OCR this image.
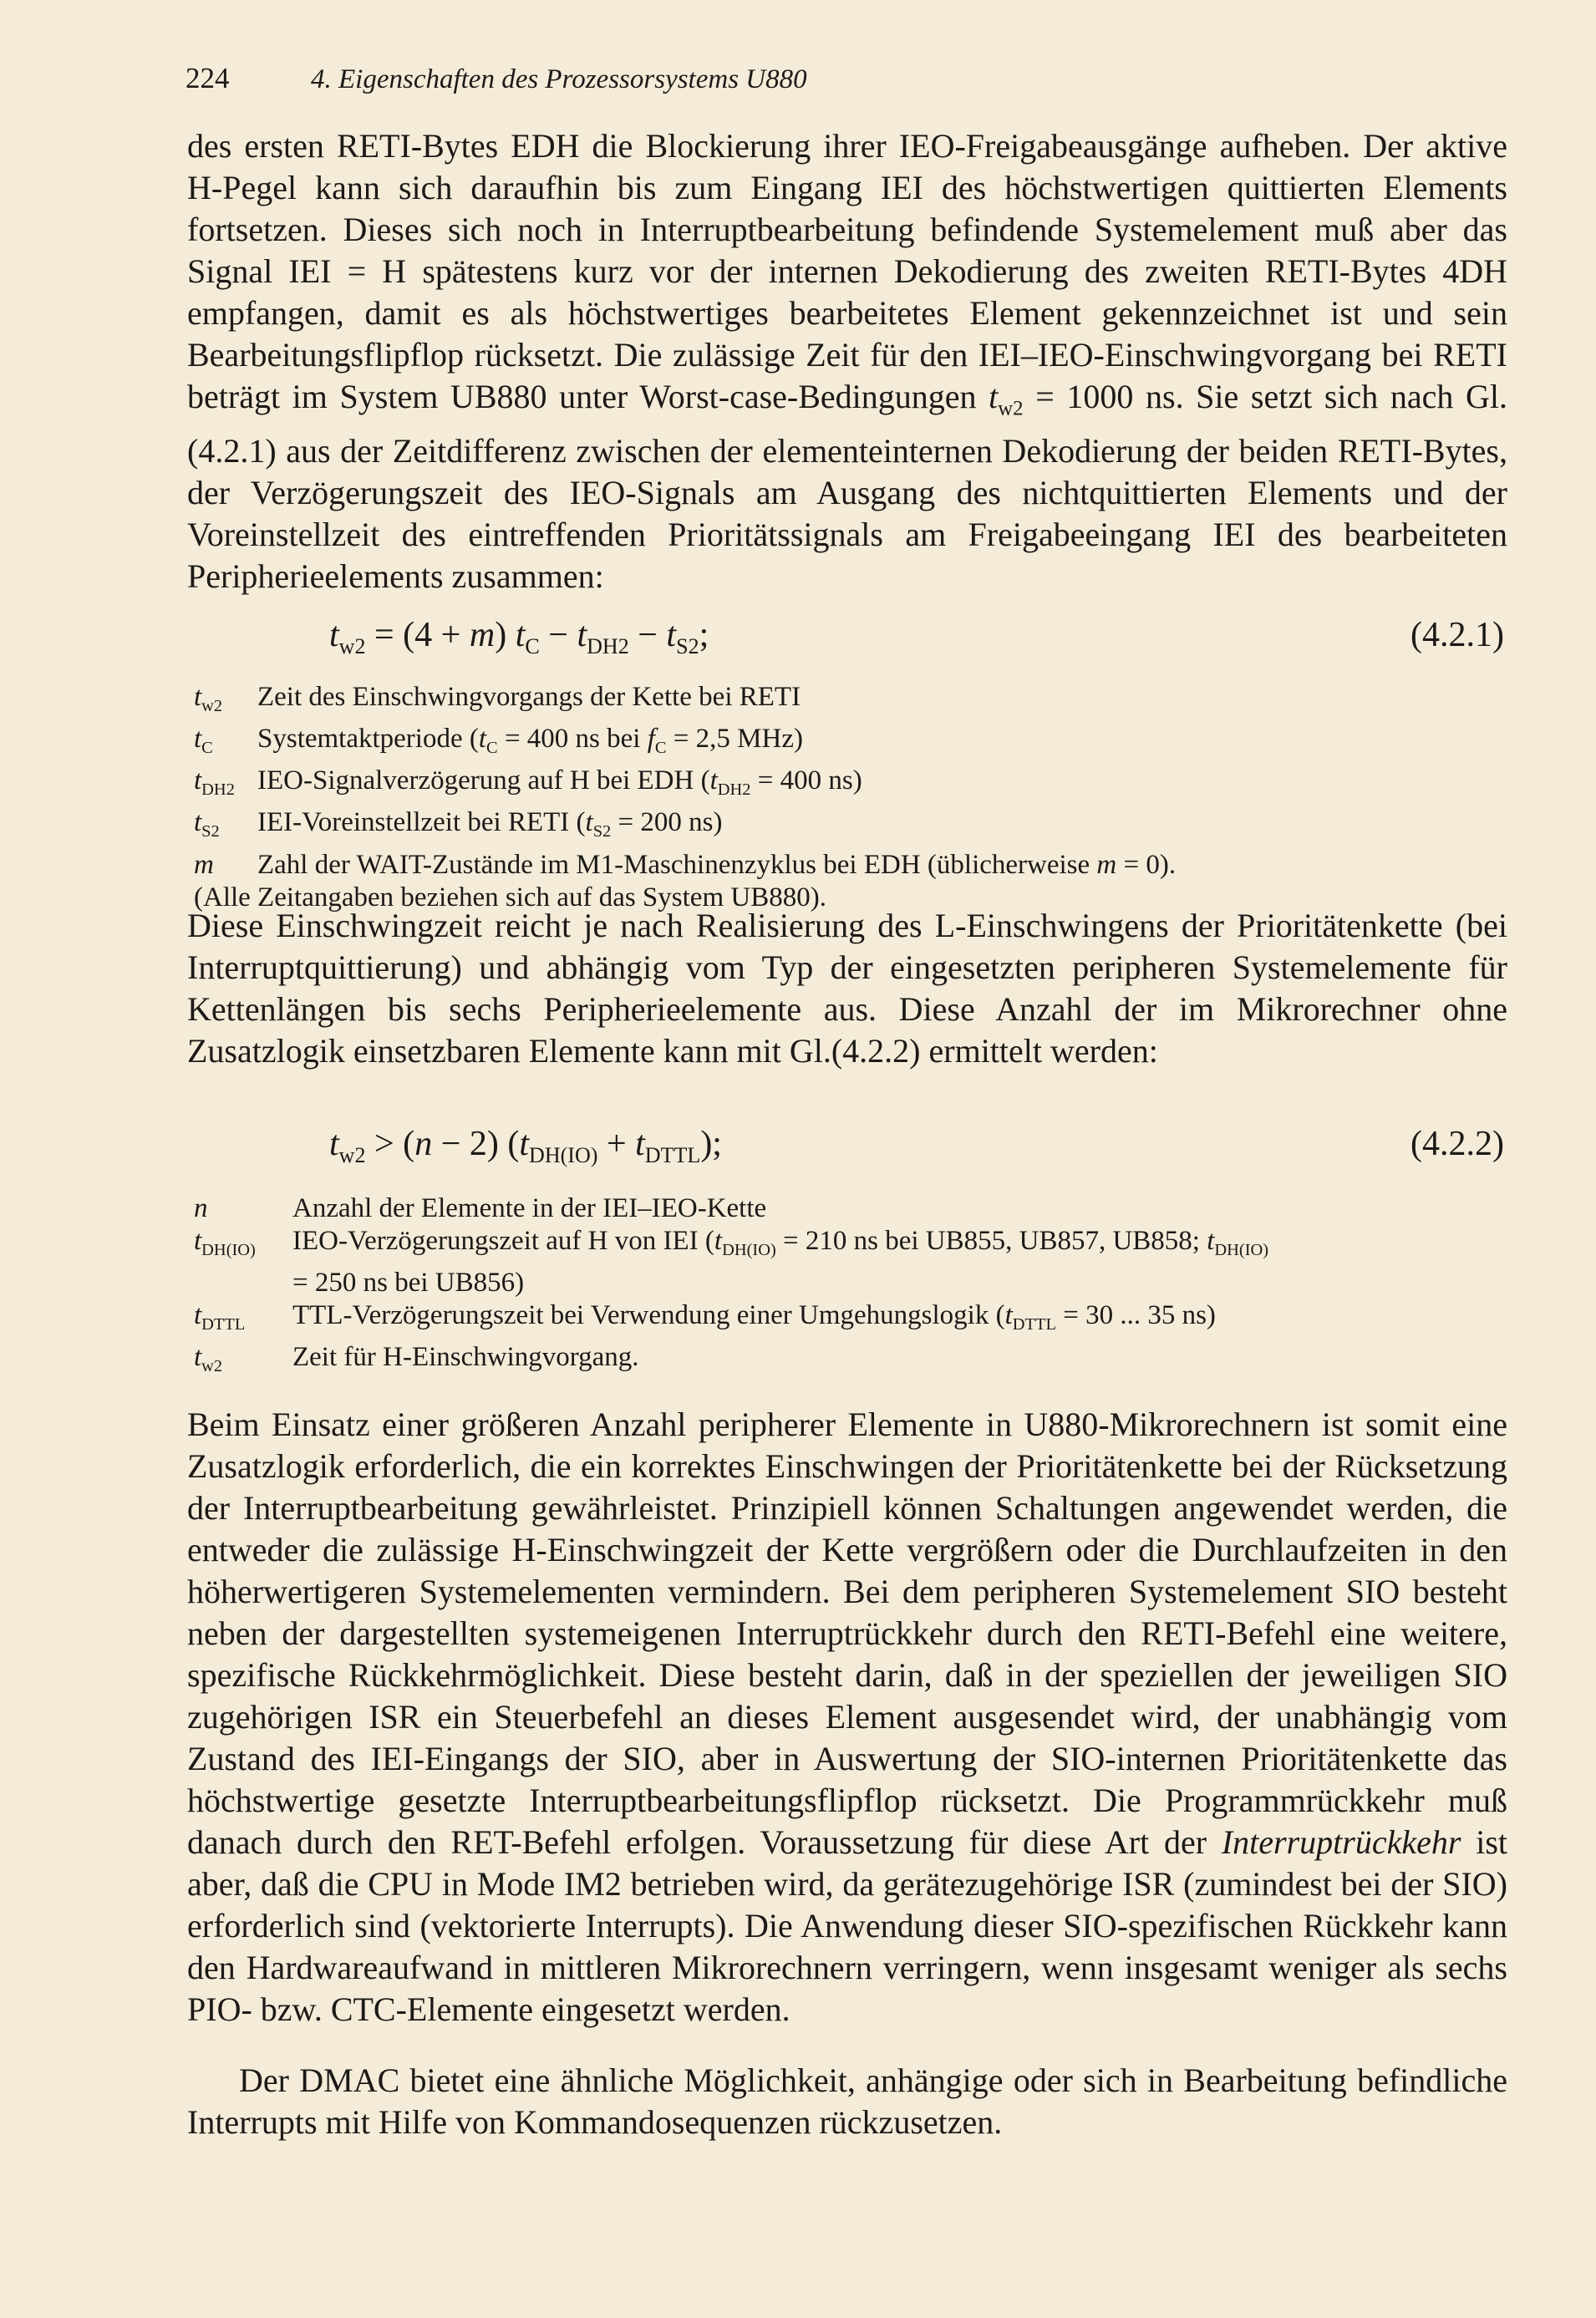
224	4. Eigenschaften des Prozessorsystems U880
des ersten RETI-Bytes EDH die Blockierung ihrer IEO-Freigabeausgänge aufheben. Der aktive H-Pegel kann sich daraufhin bis zum Eingang IEI des höchstwertigen quittierten Elements fortsetzen. Dieses sich noch in Interruptbearbeitung befindende Systemelement muß aber das Signal IEI = H spätestens kurz vor der internen Dekodierung des zweiten RETI-Bytes 4DH empfangen, damit es als höchstwertiges bearbeitetes Element gekennzeichnet ist und sein Bearbeitungsflipflop rücksetzt. Die zulässige Zeit für den IEI–IEO-Einschwingvorgang bei RETI beträgt im System UB880 unter Worst-case-Bedingungen $t_{w2} = 1000$ ns. Sie setzt sich nach Gl.(4.2.1) aus der Zeitdifferenz zwischen der elementeinternen Dekodierung der beiden RETI-Bytes, der Verzögerungszeit des IEO-Signals am Ausgang des nichtquittierten Elements und der Voreinstellzeit des eintreffenden Prioritätssignals am Freigabeeingang IEI des bearbeiteten Peripherieelements zusammen:
$t_{w2} = (4 + m) t_C - t_{DH2} - t_{S2}$;	(4.2.1)
$t_{w2}$	Zeit des Einschwingvorgangs der Kette bei RETI
$t_C$	Systemtaktperiode ($t_C = 400$ ns bei $f_C = 2,5$ MHz)
$t_{DH2}$ IEO-Signalverzögerung auf H bei EDH ($t_{DH2} = 400$ ns)
$t_{S2}$	IEI-Voreinstellzeit bei RETI ($t_{S2} = 200$ ns)
m	Zahl der WAIT-Zustände im M1-Maschinenzyklus bei EDH (üblicherweise m = 0).
(Alle Zeitangaben beziehen sich auf das System UB880).
Diese Einschwingzeit reicht je nach Realisierung des L-Einschwingens der Prioritätenkette (bei Interruptquittierung) und abhängig vom Typ der eingesetzten peripheren Systemelemente für Kettenlängen bis sechs Peripherieelemente aus. Diese Anzahl der im Mikrorechner ohne Zusatzlogik einsetzbaren Elemente kann mit Gl.(4.2.2) ermittelt werden:
$t_{w2} > (n - 2) (t_{DH(IO)} + t_{DTTL})$;	(4.2.2)
n	Anzahl der Elemente in der IEI–IEO-Kette
$t_{DH(IO)}$	IEO-Verzögerungszeit auf H von IEI ($t_{DH(IO)} = 210$ ns bei UB855, UB857, UB858; $t_{DH(IO)}$
= 250 ns bei UB856)
$t_{DTTL}$	TTL-Verzögerungszeit bei Verwendung einer Umgehungslogik ($t_{DTTL} = 30$ ... 35 ns)
$t_{w2}$	Zeit für H-Einschwingvorgang.
Beim Einsatz einer größeren Anzahl peripherer Elemente in U880-Mikrorechnern ist somit eine Zusatzlogik erforderlich, die ein korrektes Einschwingen der Prioritätenkette bei der Rücksetzung der Interruptbearbeitung gewährleistet. Prinzipiell können Schaltungen angewendet werden, die entweder die zulässige H-Einschwingzeit der Kette vergrößern oder die Durchlaufzeiten in den höherwertigeren Systemelementen vermindern. Bei dem peripheren Systemelement SIO besteht neben der dargestellten systemeigenen Interruptrückkehr durch den RETI-Befehl eine weitere, spezifische Rückkehrmöglichkeit. Diese besteht darin, daß in der speziellen der jeweiligen SIO zugehörigen ISR ein Steuerbefehl an dieses Element ausgesendet wird, der unabhängig vom Zustand des IEI-Eingangs der SIO, aber in Auswertung der SIO-internen Prioritätenkette das höchstwertige gesetzte Interruptbearbeitungsflipflop rücksetzt. Die Programmrückkehr muß danach durch den RET-Befehl erfolgen. Voraussetzung für diese Art der Interruptrückkehr ist aber, daß die CPU in Mode IM2 betrieben wird, da gerätezugehörige ISR (zumindest bei der SIO) erforderlich sind (vektorierte Interrupts). Die Anwendung dieser SIO-spezifischen Rückkehr kann den Hardwareaufwand in mittleren Mikrorechnern verringern, wenn insgesamt weniger als sechs PIO- bzw. CTC-Elemente eingesetzt werden.
Der DMAC bietet eine ähnliche Möglichkeit, anhängige oder sich in Bearbeitung befindliche Interrupts mit Hilfe von Kommandosequenzen rückzusetzen.
